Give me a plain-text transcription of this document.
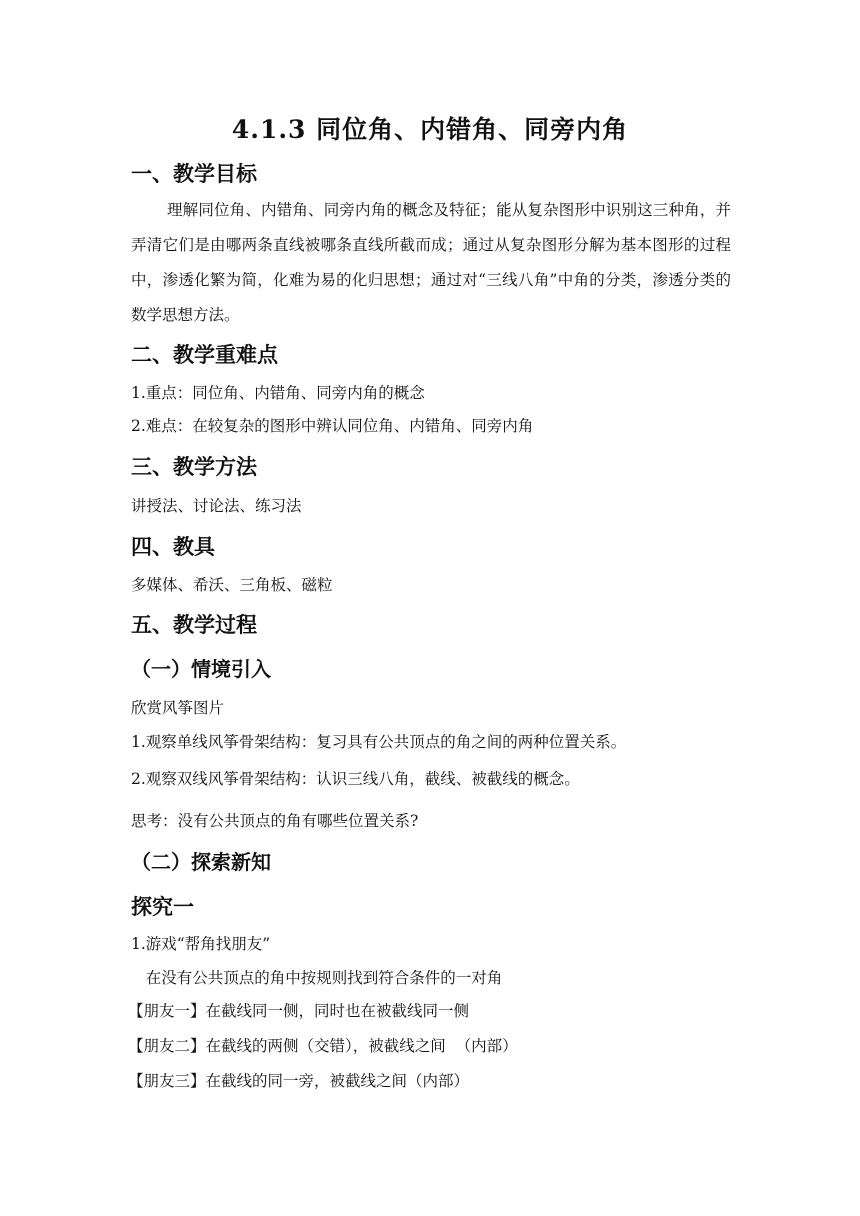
4.1.3 同位角、内错角、同旁内角
一、教学目标
理解同位角、内错角、同旁内角的概念及特征；能从复杂图形中识别这三种角，并弄清它们是由哪两条直线被哪条直线所截而成；通过从复杂图形分解为基本图形的过程中，渗透化繁为简，化难为易的化归思想；通过对“三线八角”中角的分类，渗透分类的数学思想方法。
二、教学重难点
1.重点：同位角、内错角、同旁内角的概念
2.难点：在较复杂的图形中辨认同位角、内错角、同旁内角
三、教学方法
讲授法、讨论法、练习法
四、教具
多媒体、希沃、三角板、磁粒
五、教学过程
（一）情境引入
欣赏风筝图片
1.观察单线风筝骨架结构：复习具有公共顶点的角之间的两种位置关系。
2.观察双线风筝骨架结构：认识三线八角，截线、被截线的概念。
思考：没有公共顶点的角有哪些位置关系?
（二）探索新知
探究一
1.游戏“帮角找朋友”
在没有公共顶点的角中按规则找到符合条件的一对角
【朋友一】在截线同一侧，同时也在被截线同一侧
【朋友二】在截线的两侧（交错），被截线之间  （内部）
【朋友三】在截线的同一旁，被截线之间（内部）
